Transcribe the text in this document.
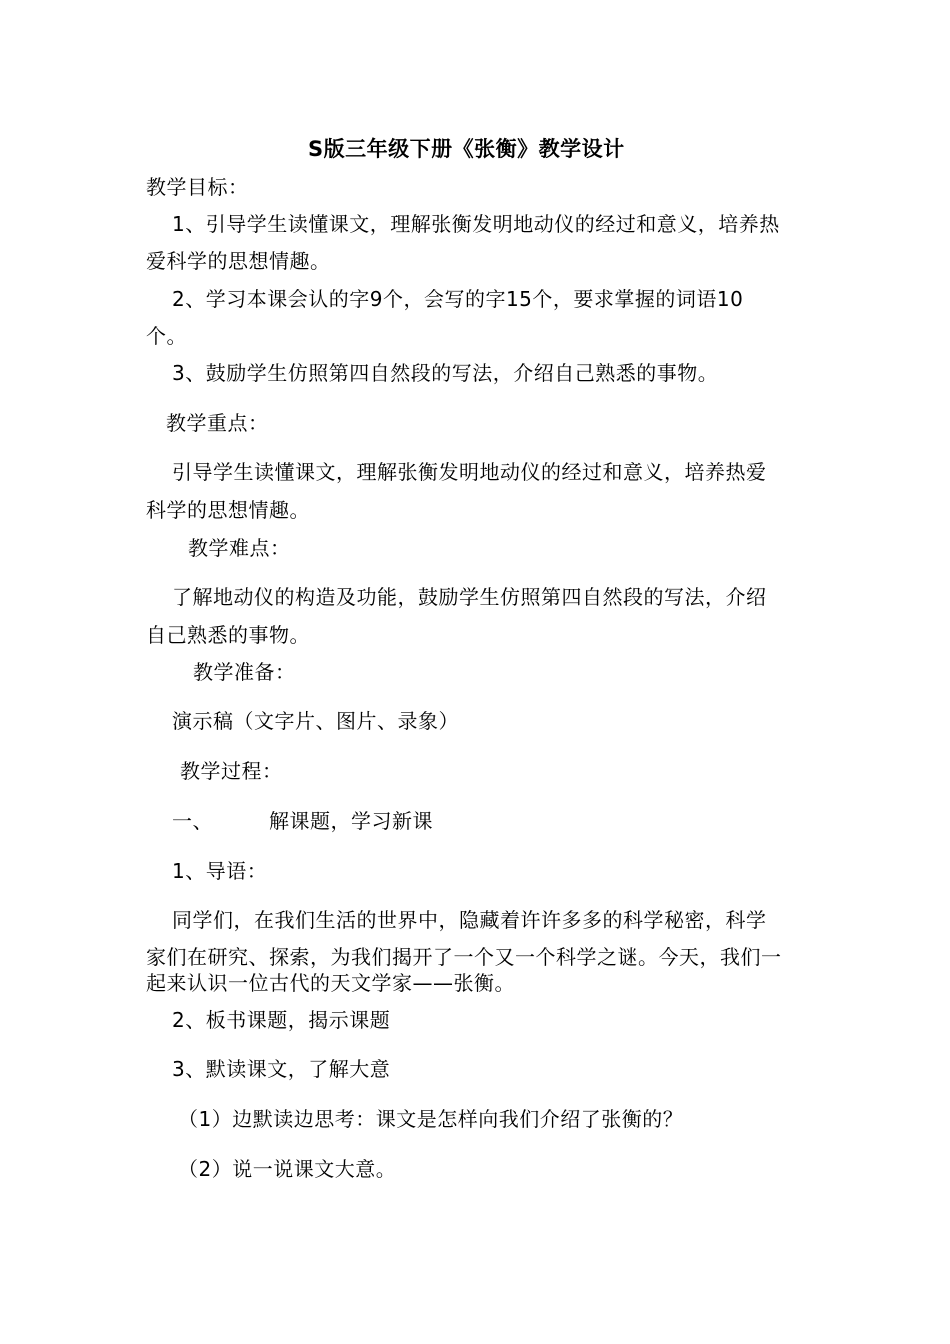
S版三年级下册《张衡》教学设计

教学目标：

1、引导学生读懂课文，理解张衡发明地动仪的经过和意义，培养热

爱科学的思想情趣。

2、学习本课会认的字9个，会写的字15个，要求掌握的词语10

个。

3、鼓励学生仿照第四自然段的写法，介绍自己熟悉的事物。

教学重点：

引导学生读懂课文，理解张衡发明地动仪的经过和意义，培养热爱

科学的思想情趣。

教学难点：

了解地动仪的构造及功能，鼓励学生仿照第四自然段的写法，介绍

自己熟悉的事物。

教学准备：

演示稿（文字片、图片、录象）

教学过程：

一、	解课题，学习新课

1、导语：

同学们，在我们生活的世界中，隐藏着许许多多的科学秘密，科学

家们在研究、探索，为我们揭开了一个又一个科学之谜。今天，我们一

起来认识一位古代的天文学家——张衡。

2、板书课题，揭示课题

3、默读课文，了解大意

（1）边默读边思考：课文是怎样向我们介绍了张衡的？

（2）说一说课文大意。
